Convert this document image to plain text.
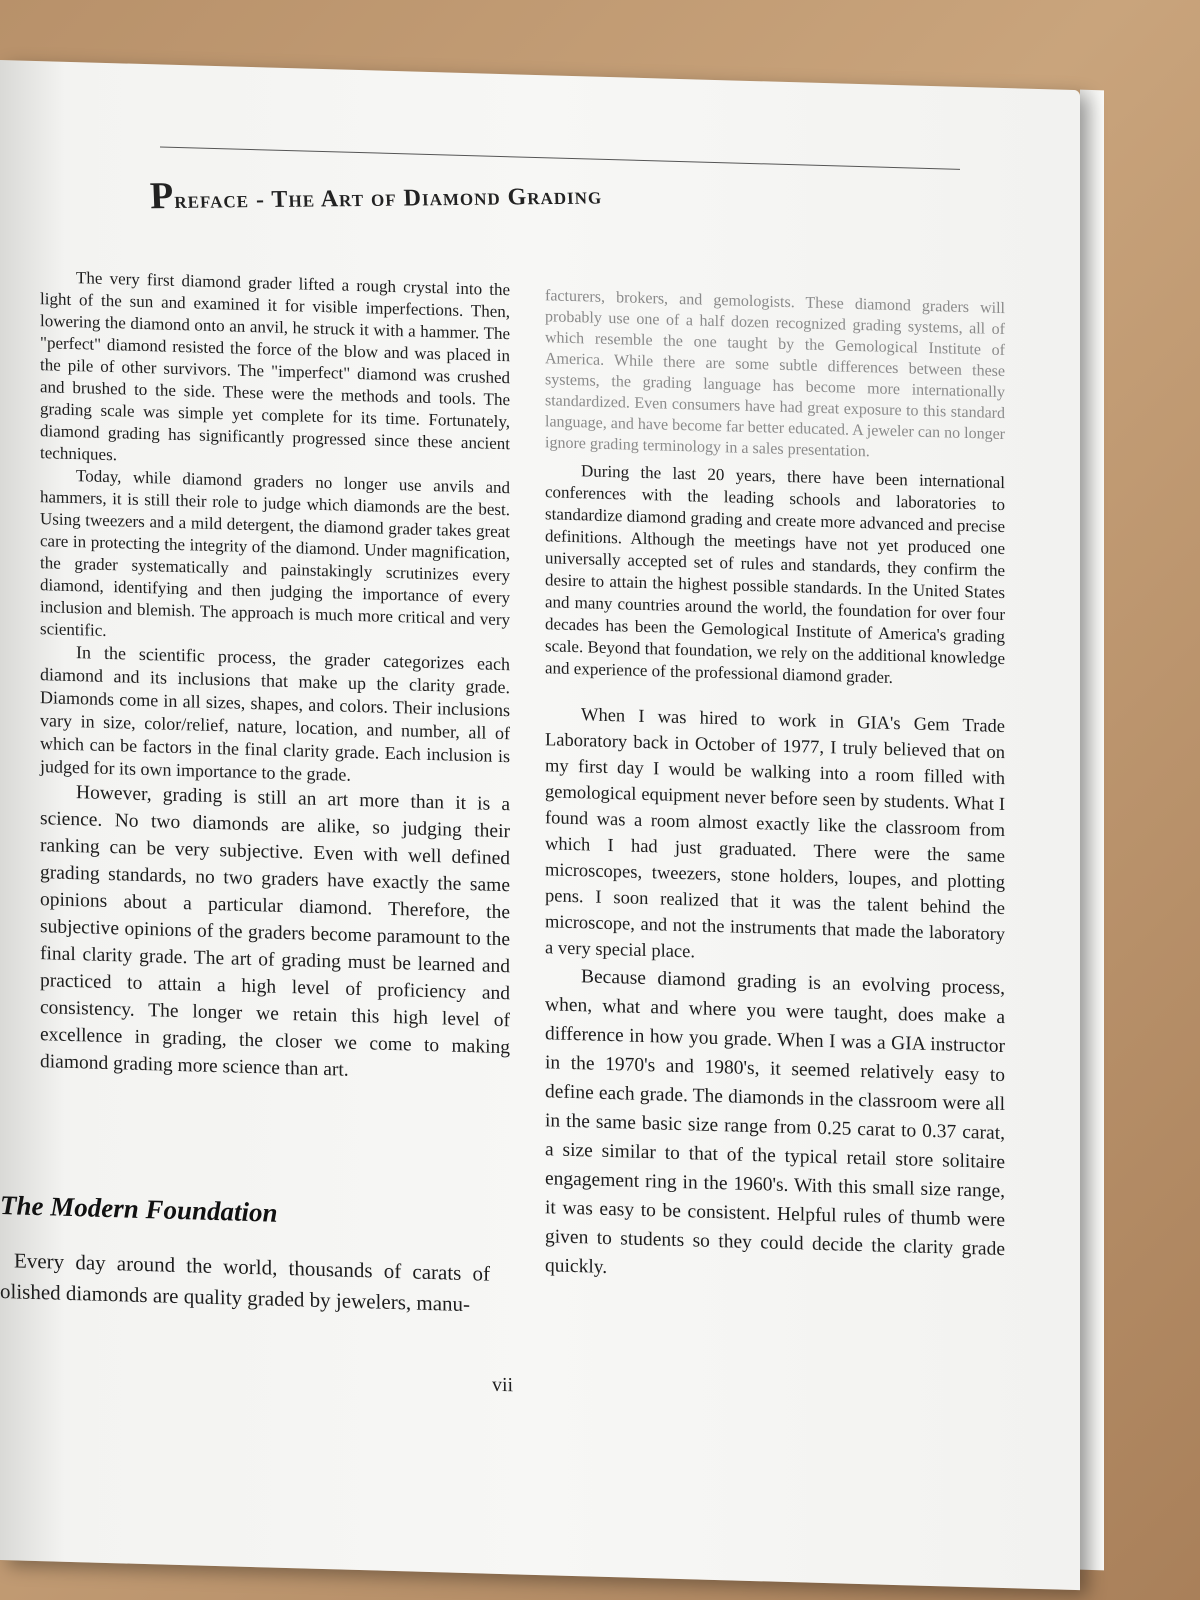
Preface - The Art of Diamond Grading

The very first diamond grader lifted a rough crystal into the light of the sun and examined it for visible imperfections. Then, lowering the diamond onto an anvil, he struck it with a hammer. The "perfect" diamond resisted the force of the blow and was placed in the pile of other survivors. The "imperfect" diamond was crushed and brushed to the side. These were the methods and tools. The grading scale was simple yet complete for its time. Fortunately, diamond grading has significantly progressed since these ancient techniques.

Today, while diamond graders no longer use anvils and hammers, it is still their role to judge which diamonds are the best. Using tweezers and a mild detergent, the diamond grader takes great care in protecting the integrity of the diamond. Under magnification, the grader systematically and painstakingly scrutinizes every diamond, identifying and then judging the importance of every inclusion and blemish. The approach is much more critical and very scientific.

In the scientific process, the grader categorizes each diamond and its inclusions that make up the clarity grade. Diamonds come in all sizes, shapes, and colors. Their inclusions vary in size, color/relief, nature, location, and number, all of which can be factors in the final clarity grade. Each inclusion is judged for its own importance to the grade.

However, grading is still an art more than it is a science. No two diamonds are alike, so judging their ranking can be very subjective. Even with well defined grading standards, no two graders have exactly the same opinions about a particular diamond. Therefore, the subjective opinions of the graders become paramount to the final clarity grade. The art of grading must be learned and practiced to attain a high level of proficiency and consistency. The longer we retain this high level of excellence in grading, the closer we come to making diamond grading more science than art.

The Modern Foundation

Every day around the world, thousands of carats of olished diamonds are quality graded by jewelers, manu-

facturers, brokers, and gemologists. These diamond graders will probably use one of a half dozen recognized grading systems, all of which resemble the one taught by the Gemological Institute of America. While there are some subtle differences between these systems, the grading language has become more internationally standardized. Even consumers have had great exposure to this standard language, and have become far better educated. A jeweler can no longer ignore grading terminology in a sales presentation.

During the last 20 years, there have been international conferences with the leading schools and laboratories to standardize diamond grading and create more advanced and precise definitions. Although the meetings have not yet produced one universally accepted set of rules and standards, they confirm the desire to attain the highest possible standards. In the United States and many countries around the world, the foundation for over four decades has been the Gemological Institute of America's grading scale. Beyond that foundation, we rely on the additional knowledge and experience of the professional diamond grader.

When I was hired to work in GIA's Gem Trade Laboratory back in October of 1977, I truly believed that on my first day I would be walking into a room filled with gemological equipment never before seen by students. What I found was a room almost exactly like the classroom from which I had just graduated. There were the same microscopes, tweezers, stone holders, loupes, and plotting pens. I soon realized that it was the talent behind the microscope, and not the instruments that made the laboratory a very special place.

Because diamond grading is an evolving process, when, what and where you were taught, does make a difference in how you grade. When I was a GIA instructor in the 1970's and 1980's, it seemed relatively easy to define each grade. The diamonds in the classroom were all in the same basic size range from 0.25 carat to 0.37 carat, a size similar to that of the typical retail store solitaire engagement ring in the 1960's. With this small size range, it was easy to be consistent. Helpful rules of thumb were given to students so they could decide the clarity grade quickly.

vii
